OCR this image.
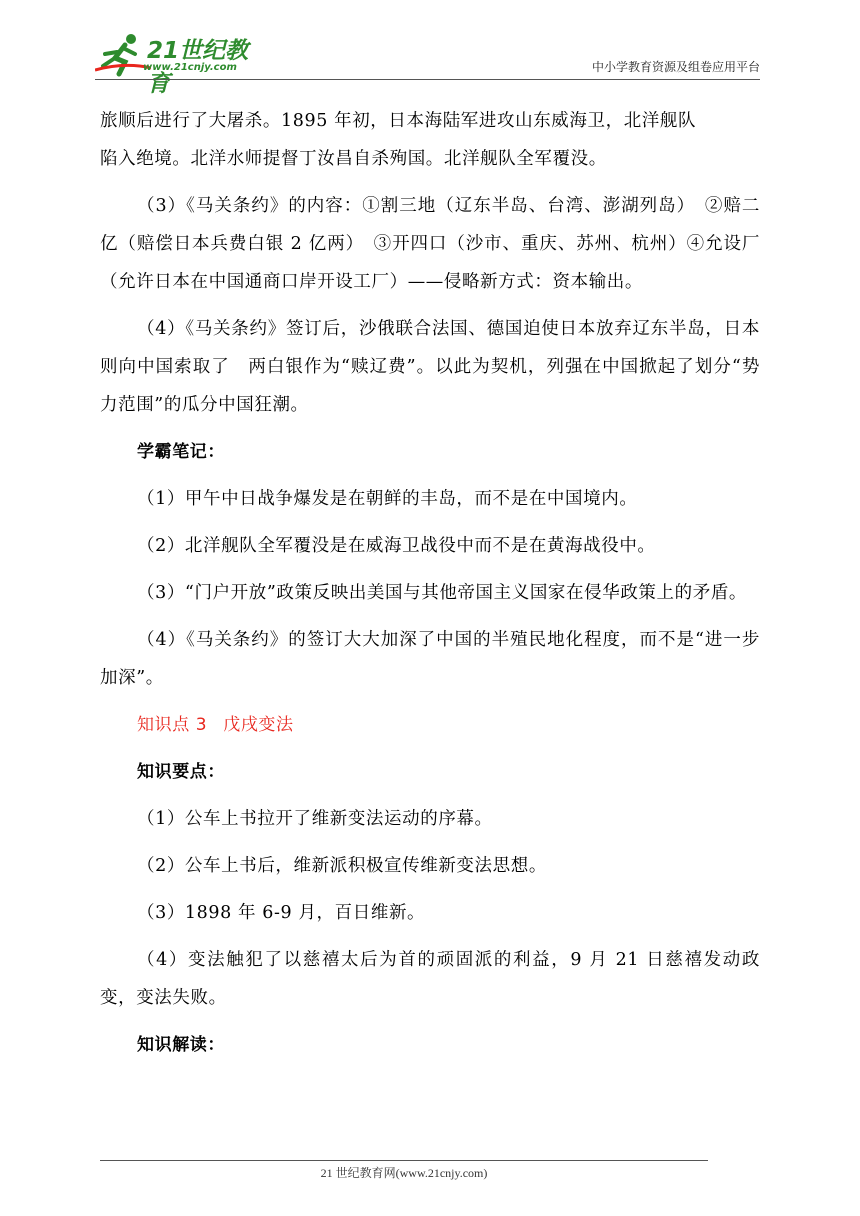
21世纪教育
www.21cnjy.com	中小学教育资源及组卷应用平台

旅顺后进行了大屠杀。1895 年初，日本海陆军进攻山东威海卫，北洋舰队

陷入绝境。北洋水师提督丁汝昌自杀殉国。北洋舰队全军覆没。

（3）《马关条约》的内容：①割三地（辽东半岛、台湾、澎湖列岛）　②赔二亿（赔偿日本兵费白银 2 亿两）　③开四口（沙市、重庆、苏州、杭州）④允设厂（允许日本在中国通商口岸开设工厂）——侵略新方式：资本输出。

（4）《马关条约》签订后，沙俄联合法国、德国迫使日本放弃辽东半岛，日本则向中国索取了　两白银作为“赎辽费”。以此为契机，列强在中国掀起了划分“势力范围”的瓜分中国狂潮。

学霸笔记：

（1）甲午中日战争爆发是在朝鲜的丰岛，而不是在中国境内。

（2）北洋舰队全军覆没是在威海卫战役中而不是在黄海战役中。

（3）“门户开放”政策反映出美国与其他帝国主义国家在侵华政策上的矛盾。

（4）《马关条约》的签订大大加深了中国的半殖民地化程度，而不是“进一步加深”。

知识点 3 戊戌变法

知识要点：

（1）公车上书拉开了维新变法运动的序幕。

（2）公车上书后，维新派积极宣传维新变法思想。

（3）1898 年 6-9 月，百日维新。

（4）变法触犯了以慈禧太后为首的顽固派的利益，9 月 21 日慈禧发动政变，变法失败。

知识解读：

21 世纪教育网(www.21cnjy.com)
